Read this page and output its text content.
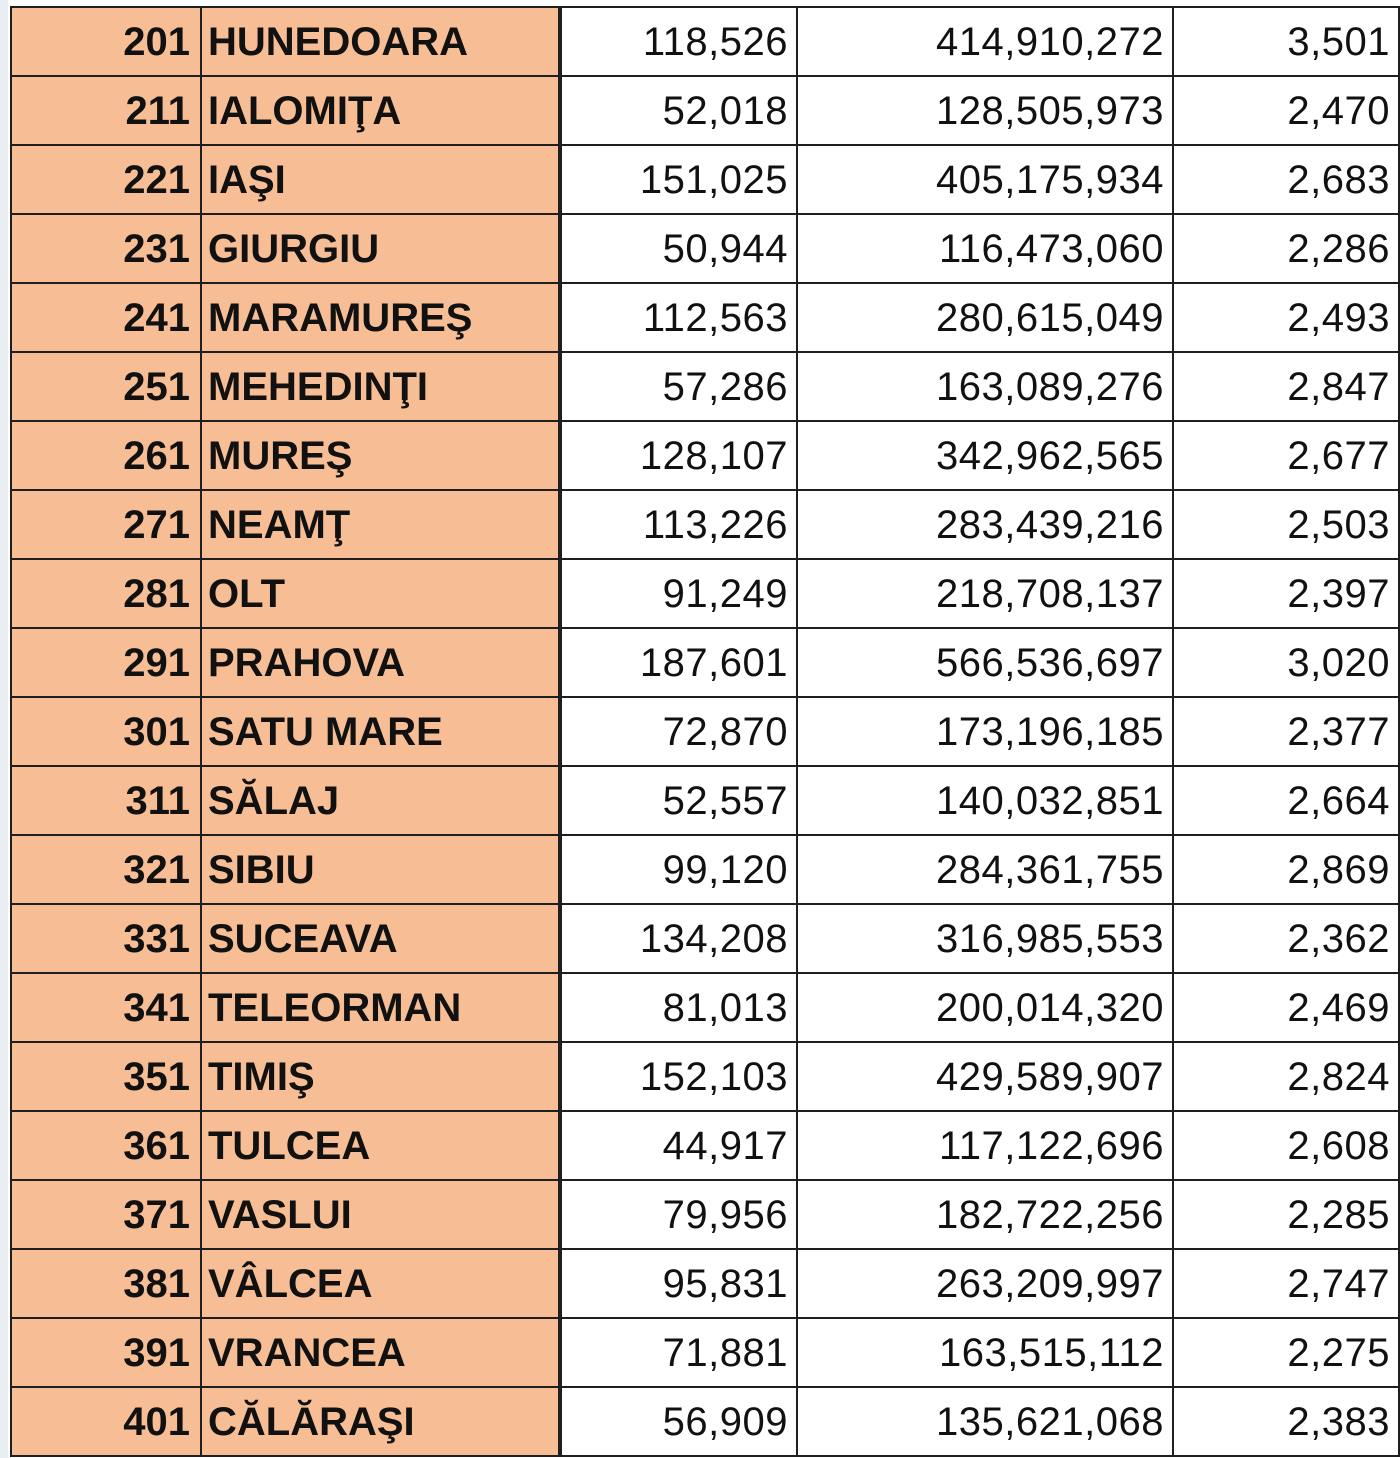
201	HUNEDOARA	118,526	414,910,272	3,501
211	IALOMIŢA	52,018	128,505,973	2,470
221	IAŞI	151,025	405,175,934	2,683
231	GIURGIU	50,944	116,473,060	2,286
241	MARAMUREŞ	112,563	280,615,049	2,493
251	MEHEDINŢI	57,286	163,089,276	2,847
261	MUREŞ	128,107	342,962,565	2,677
271	NEAMŢ	113,226	283,439,216	2,503
281	OLT	91,249	218,708,137	2,397
291	PRAHOVA	187,601	566,536,697	3,020
301	SATU MARE	72,870	173,196,185	2,377
311	SĂLAJ	52,557	140,032,851	2,664
321	SIBIU	99,120	284,361,755	2,869
331	SUCEAVA	134,208	316,985,553	2,362
341	TELEORMAN	81,013	200,014,320	2,469
351	TIMIŞ	152,103	429,589,907	2,824
361	TULCEA	44,917	117,122,696	2,608
371	VASLUI	79,956	182,722,256	2,285
381	VÂLCEA	95,831	263,209,997	2,747
391	VRANCEA	71,881	163,515,112	2,275
401	CĂLĂRAŞI	56,909	135,621,068	2,383
